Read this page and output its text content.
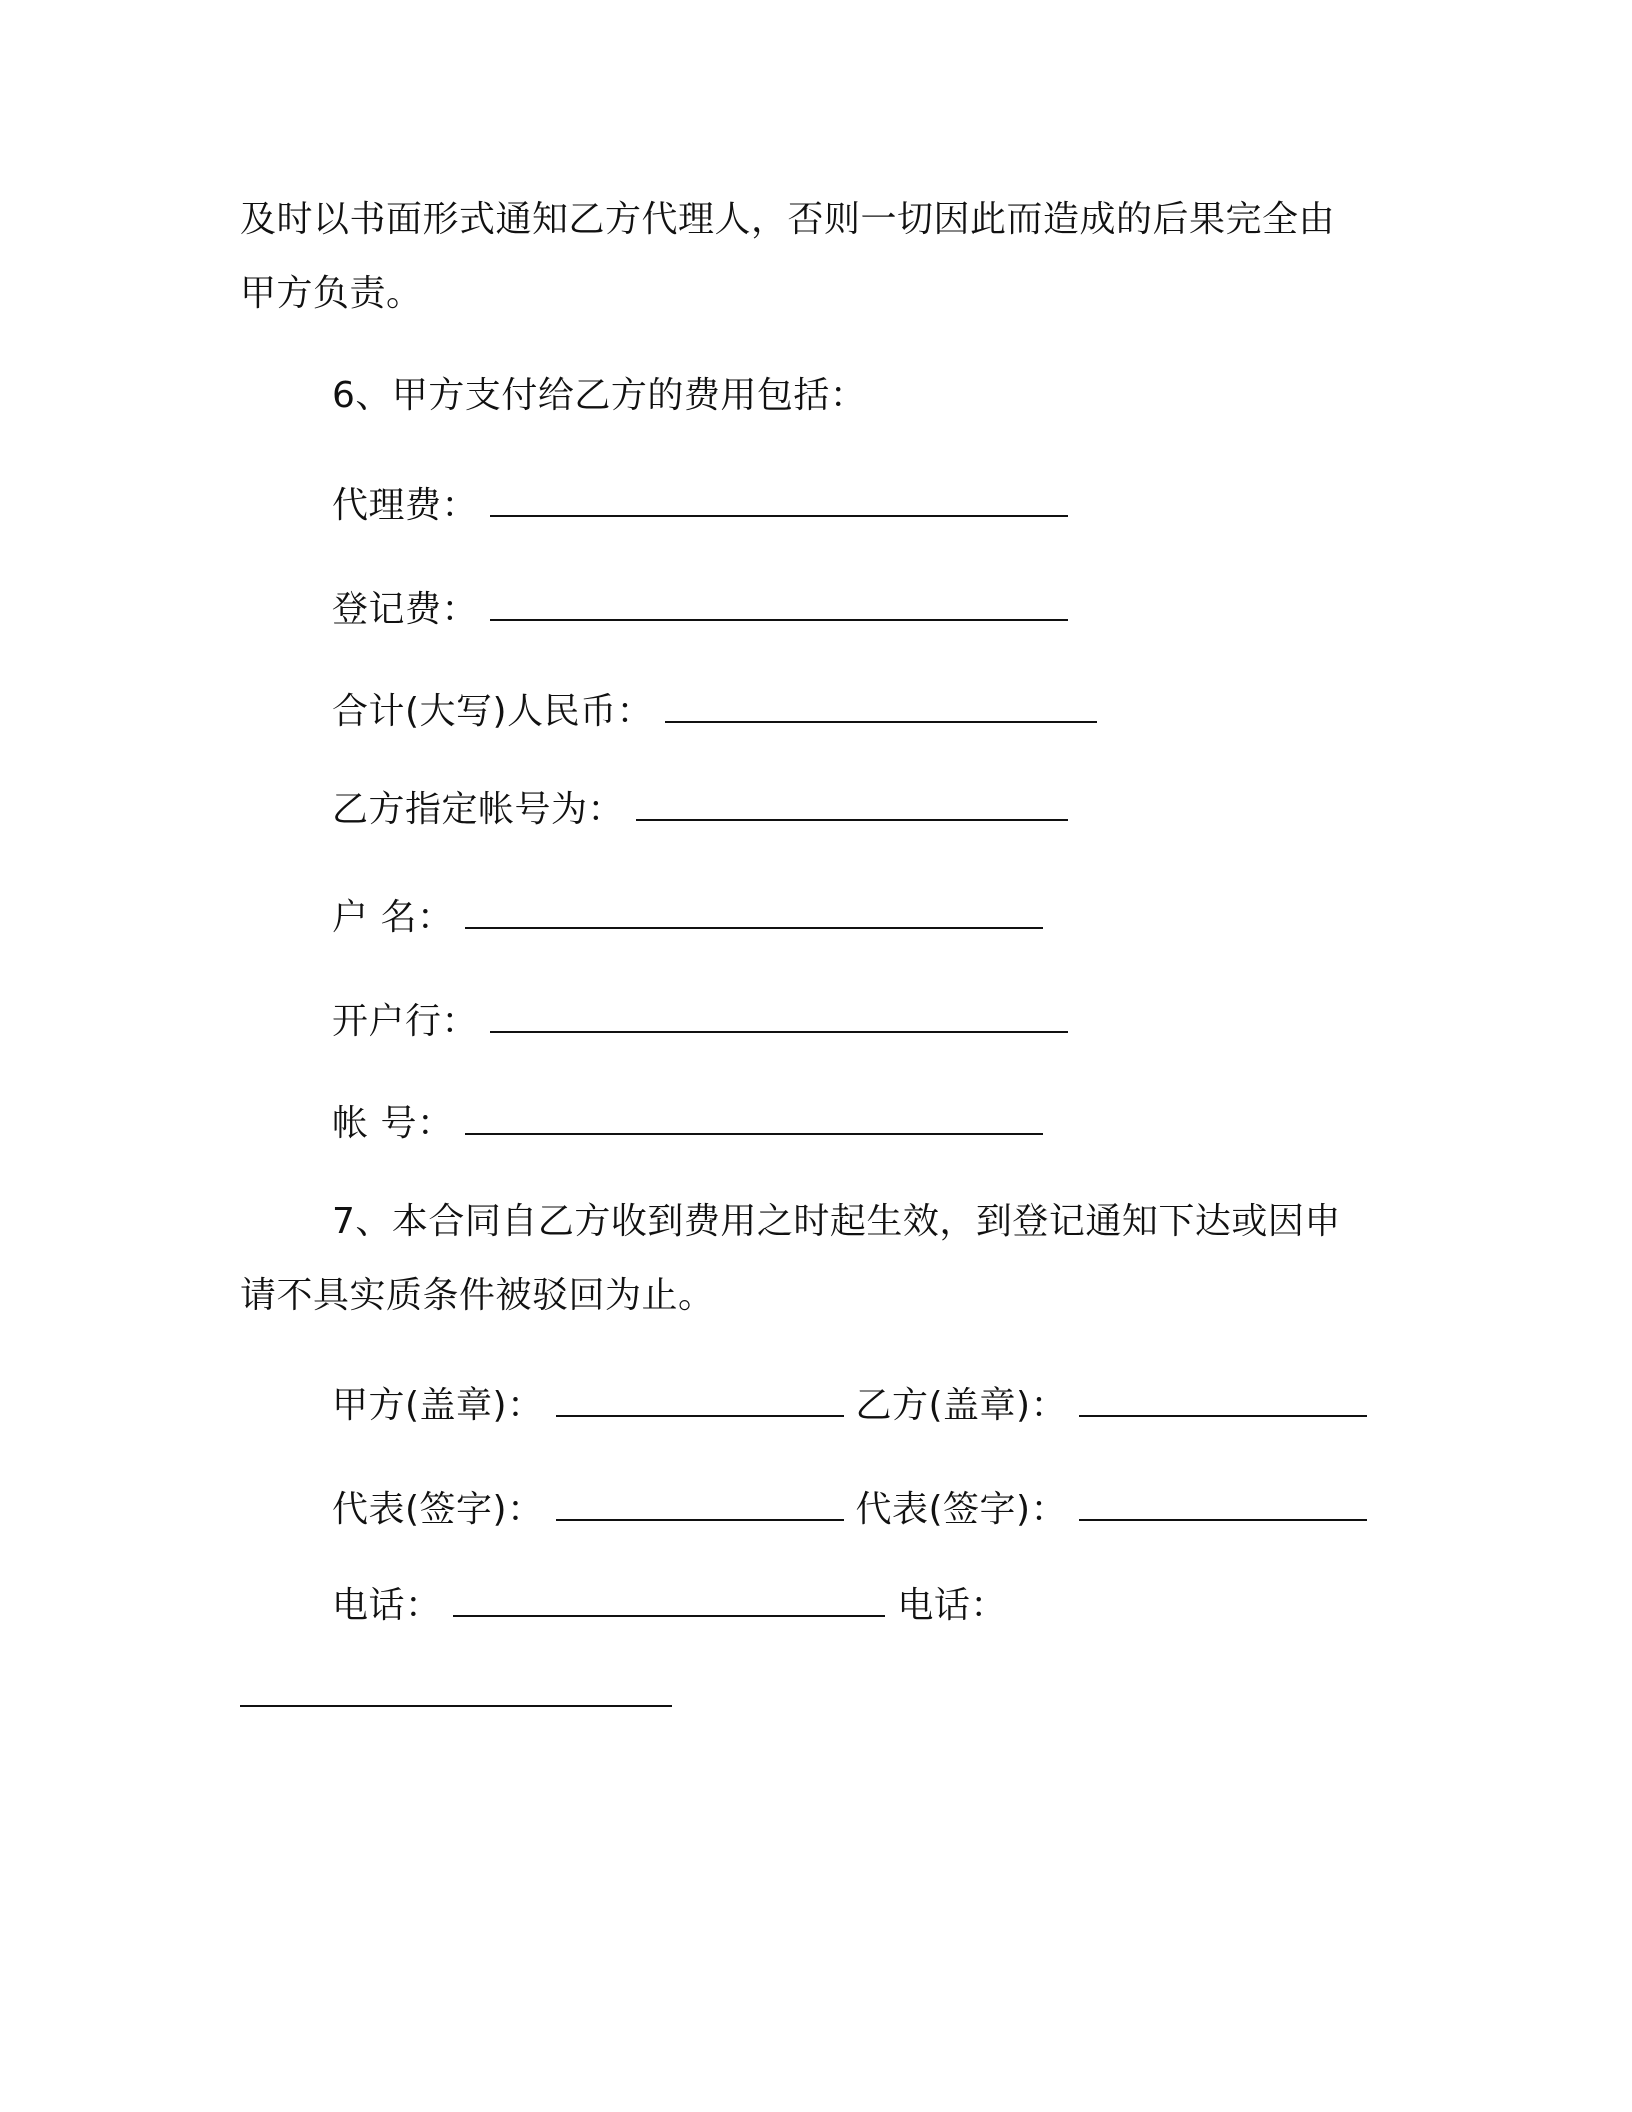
及时以书面形式通知乙方代理人，否则一切因此而造成的后果完全由
甲方负责。
6、甲方支付给乙方的费用包括：
代理费：
登记费：
合计(大写)人民币：
乙方指定帐号为：
户 名：
开户行：
帐 号：
7、本合同自乙方收到费用之时起生效，到登记通知下达或因申
请不具实质条件被驳回为止。
甲方(盖章)：	乙方(盖章)：
代表(签字)：	代表(签字)：
电话：	电话：
